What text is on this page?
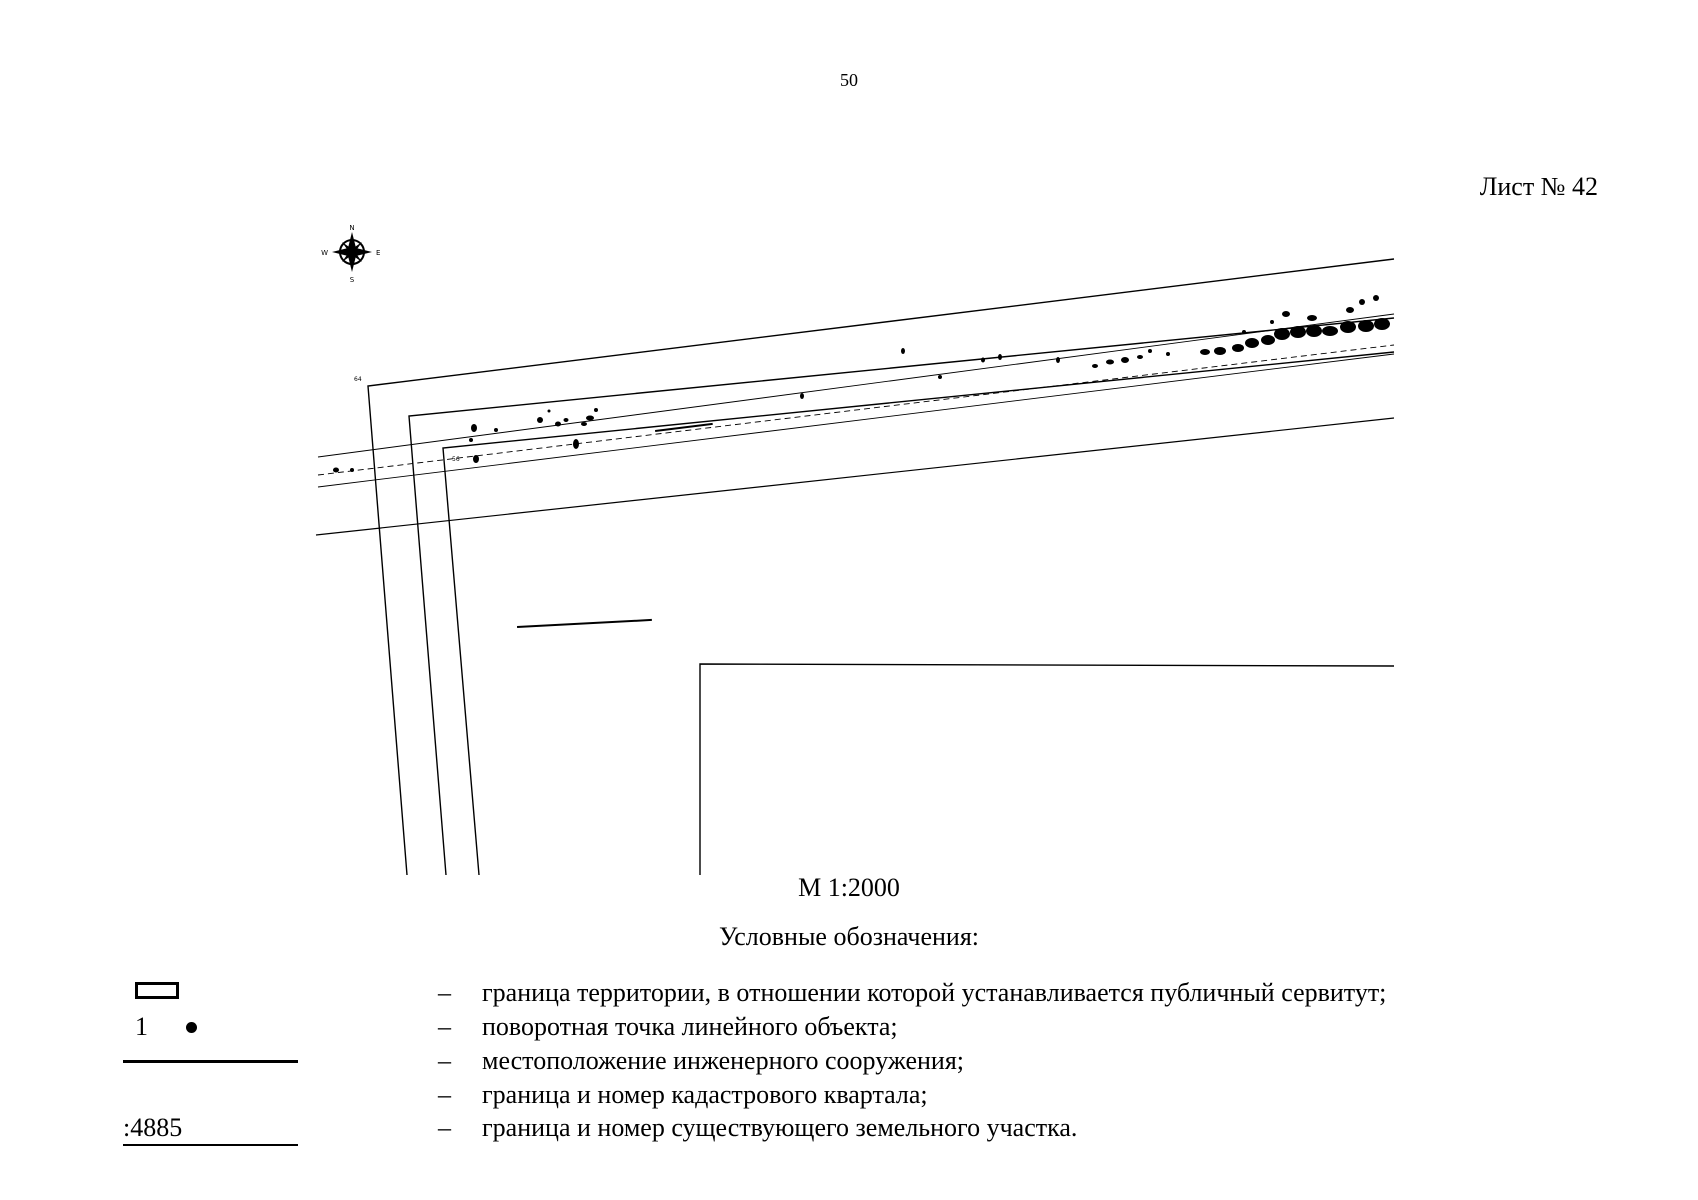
50
Лист № 42
N
S
E
W
64
56
М 1:2000
Условные обозначения:
– граница территории, в отношении которой устанавливается публичный сервитут;
1	– поворотная точка линейного объекта;
– местоположение инженерного сооружения;
– граница и номер кадастрового квартала;
:4885	– граница и номер существующего земельного участка.
